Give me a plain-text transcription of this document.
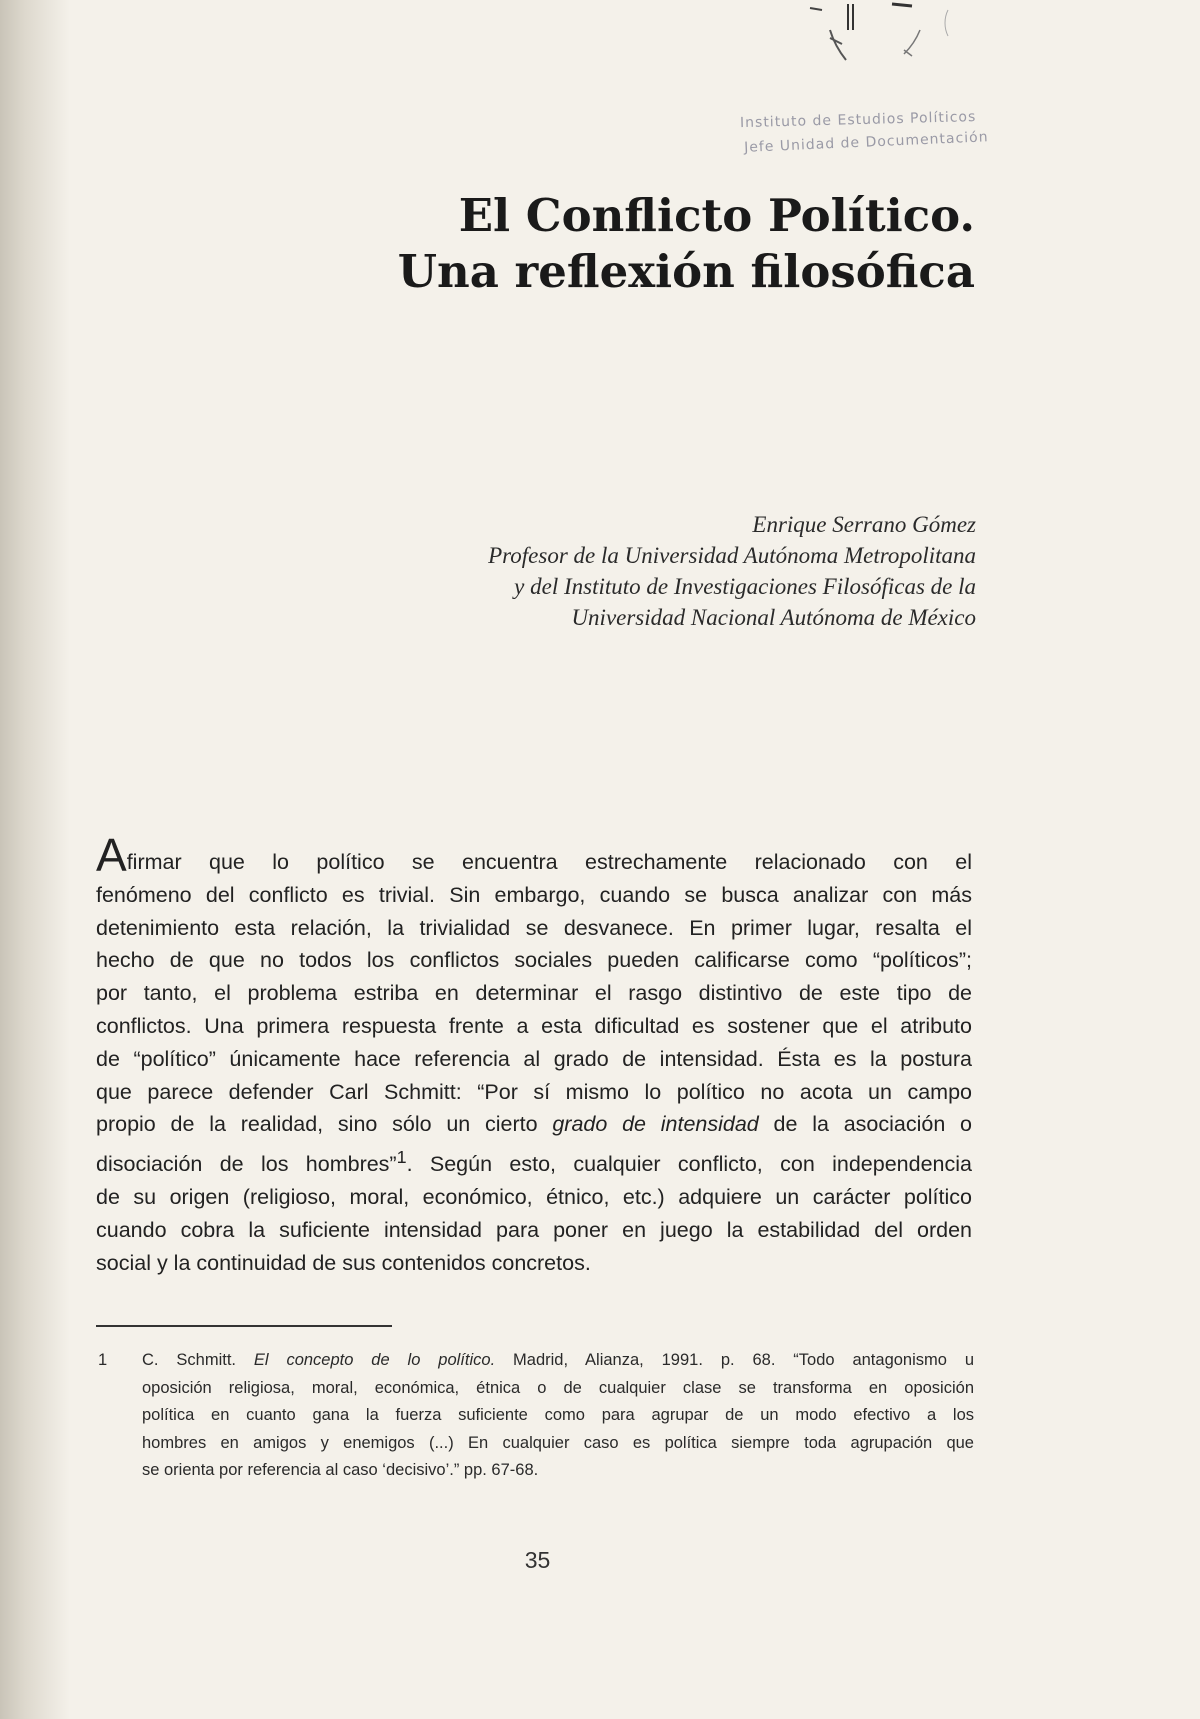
Instituto de Estudios Políticos
Jefe Unidad de Documentación
El Conflicto Político.
Una reflexión filosófica
Enrique Serrano Gómez
Profesor de la Universidad Autónoma Metropolitana
y del Instituto de Investigaciones Filosóficas de la
Universidad Nacional Autónoma de México
Afirmar que lo político se encuentra estrechamente relacionado con el
fenómeno del conflicto es trivial. Sin embargo, cuando se busca analizar con más
detenimiento esta relación, la trivialidad se desvanece. En primer lugar, resalta el
hecho de que no todos los conflictos sociales pueden calificarse como “políticos”;
por tanto, el problema estriba en determinar el rasgo distintivo de este tipo de
conflictos. Una primera respuesta frente a esta dificultad es sostener que el atributo
de “político” únicamente hace referencia al grado de intensidad. Ésta es la postura
que parece defender Carl Schmitt: “Por sí mismo lo político no acota un campo
propio de la realidad, sino sólo un cierto grado de intensidad de la asociación o
disociación de los hombres”$^1$. Según esto, cualquier conflicto, con independencia
de su origen (religioso, moral, económico, étnico, etc.) adquiere un carácter político
cuando cobra la suficiente intensidad para poner en juego la estabilidad del orden
social y la continuidad de sus contenidos concretos.
1 C. Schmitt. El concepto de lo político. Madrid, Alianza, 1991. p. 68. “Todo antagonismo u
oposición religiosa, moral, económica, étnica o de cualquier clase se transforma en oposición
política en cuanto gana la fuerza suficiente como para agrupar de un modo efectivo a los
hombres en amigos y enemigos (...) En cualquier caso es política siempre toda agrupación que
se orienta por referencia al caso ‘decisivo’.” pp. 67-68.
35
